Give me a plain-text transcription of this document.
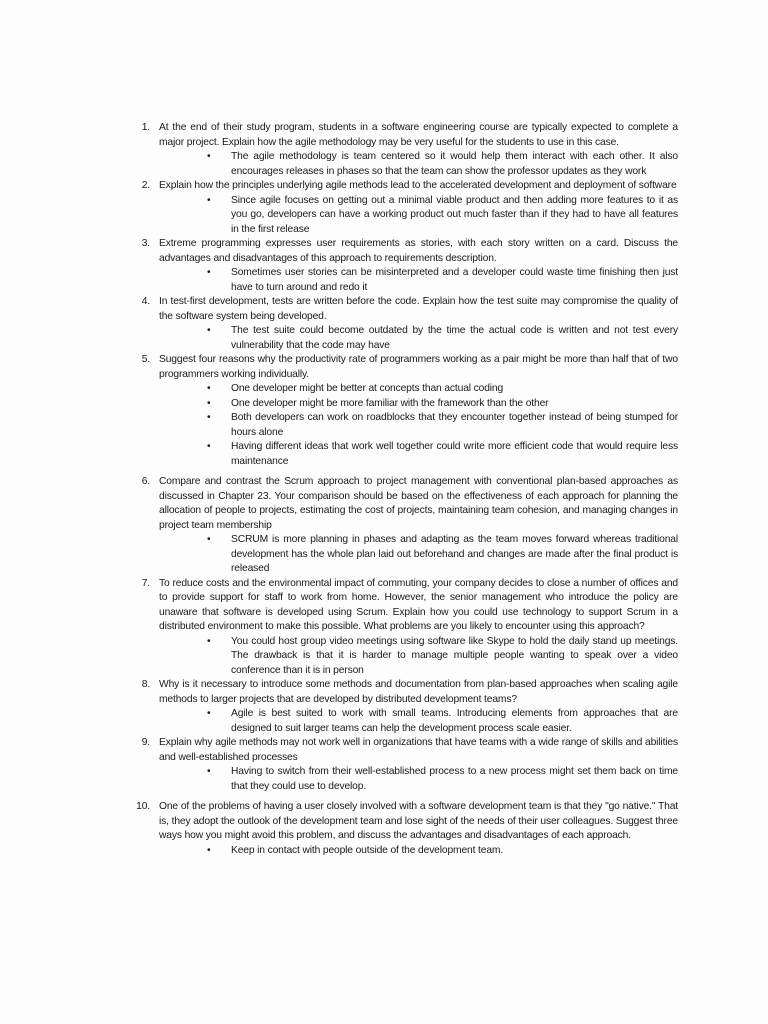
1. At the end of their study program, students in a software engineering course are typically expected to complete a major project. Explain how the agile methodology may be very useful for the students to use in this case.
• The agile methodology is team centered so it would help them interact with each other. It also encourages releases in phases so that the team can show the professor updates as they work
2. Explain how the principles underlying agile methods lead to the accelerated development and deployment of software
• Since agile focuses on getting out a minimal viable product and then adding more features to it as you go, developers can have a working product out much faster than if they had to have all features in the first release
3. Extreme programming expresses user requirements as stories, with each story written on a card. Discuss the advantages and disadvantages of this approach to requirements description.
• Sometimes user stories can be misinterpreted and a developer could waste time finishing then just have to turn around and redo it
4. In test-first development, tests are written before the code. Explain how the test suite may compromise the quality of the software system being developed.
• The test suite could become outdated by the time the actual code is written and not test every vulnerability that the code may have
5. Suggest four reasons why the productivity rate of programmers working as a pair might be more than half that of two programmers working individually.
• One developer might be better at concepts than actual coding
• One developer might be more familiar with the framework than the other
• Both developers can work on roadblocks that they encounter together instead of being stumped for hours alone
• Having different ideas that work well together could write more efficient code that would require less maintenance
6. Compare and contrast the Scrum approach to project management with conventional plan-based approaches as discussed in Chapter 23. Your comparison should be based on the effectiveness of each approach for planning the allocation of people to projects, estimating the cost of projects, maintaining team cohesion, and managing changes in project team membership
• SCRUM is more planning in phases and adapting as the team moves forward whereas traditional development has the whole plan laid out beforehand and changes are made after the final product is released
7. To reduce costs and the environmental impact of commuting, your company decides to close a number of offices and to provide support for staff to work from home. However, the senior management who introduce the policy are unaware that software is developed using Scrum. Explain how you could use technology to support Scrum in a distributed environment to make this possible. What problems are you likely to encounter using this approach?
• You could host group video meetings using software like Skype to hold the daily stand up meetings. The drawback is that it is harder to manage multiple people wanting to speak over a video conference than it is in person
8. Why is it necessary to introduce some methods and documentation from plan-based approaches when scaling agile methods to larger projects that are developed by distributed development teams?
• Agile is best suited to work with small teams. Introducing elements from approaches that are designed to suit larger teams can help the development process scale easier.
9. Explain why agile methods may not work well in organizations that have teams with a wide range of skills and abilities and well-established processes
• Having to switch from their well-established process to a new process might set them back on time that they could use to develop.
10. One of the problems of having a user closely involved with a software development team is that they "go native." That is, they adopt the outlook of the development team and lose sight of the needs of their user colleagues. Suggest three ways how you might avoid this problem, and discuss the advantages and disadvantages of each approach.
• Keep in contact with people outside of the development team.
